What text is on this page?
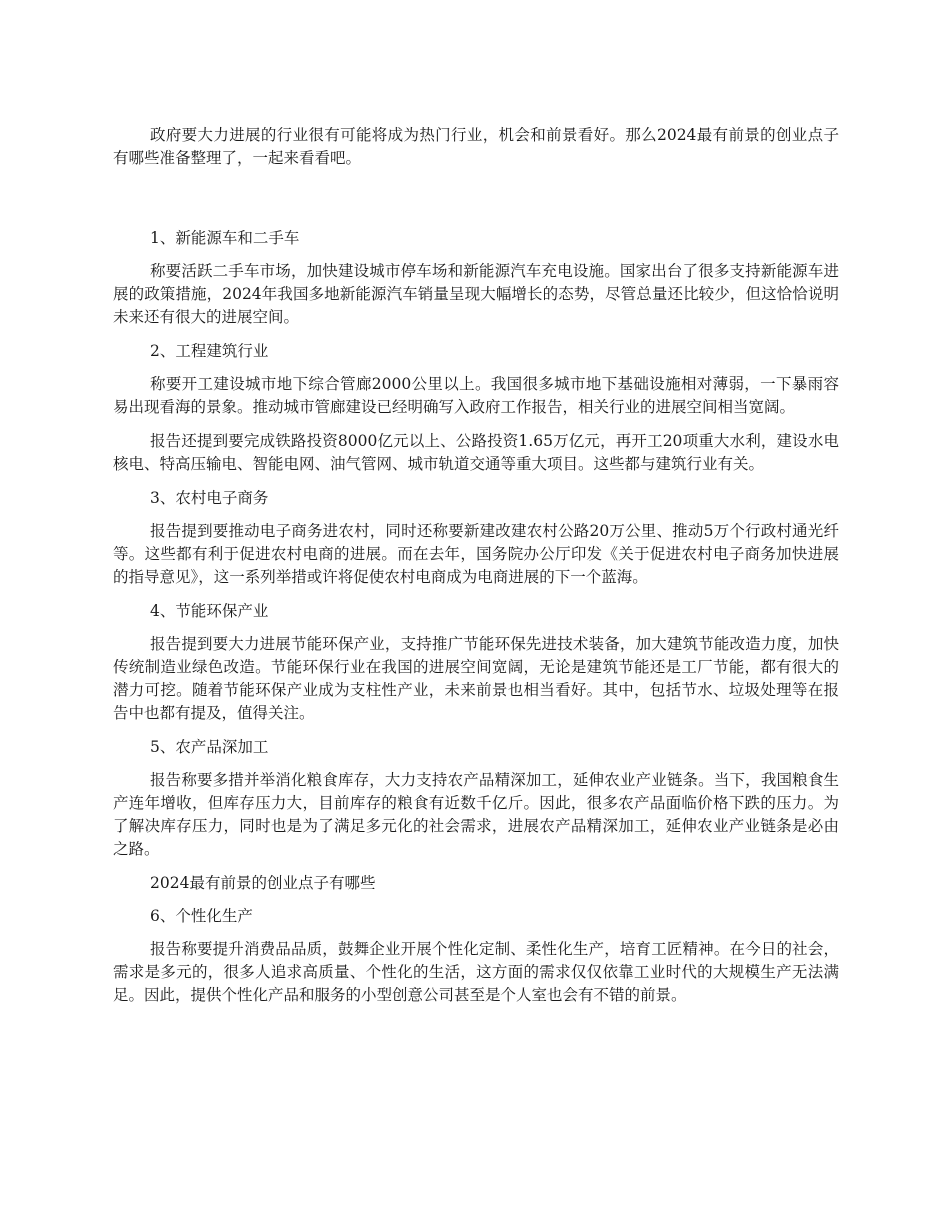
政府要大力进展的行业很有可能将成为热门行业，机会和前景看好。那么2024最有前景的创业点子有哪些准备整理了，一起来看看吧。

1、新能源车和二手车

称要活跃二手车市场，加快建设城市停车场和新能源汽车充电设施。国家出台了很多支持新能源车进展的政策措施，2024年我国多地新能源汽车销量呈现大幅增长的态势，尽管总量还比较少，但这恰恰说明未来还有很大的进展空间。

2、工程建筑行业

称要开工建设城市地下综合管廊2000公里以上。我国很多城市地下基础设施相对薄弱，一下暴雨容易出现看海的景象。推动城市管廊建设已经明确写入政府工作报告，相关行业的进展空间相当宽阔。

报告还提到要完成铁路投资8000亿元以上、公路投资1.65万亿元，再开工20项重大水利，建设水电核电、特高压输电、智能电网、油气管网、城市轨道交通等重大项目。这些都与建筑行业有关。

3、农村电子商务

报告提到要推动电子商务进农村，同时还称要新建改建农村公路20万公里、推动5万个行政村通光纤等。这些都有利于促进农村电商的进展。而在去年，国务院办公厅印发《关于促进农村电子商务加快进展的指导意见》，这一系列举措或许将促使农村电商成为电商进展的下一个蓝海。

4、节能环保产业

报告提到要大力进展节能环保产业，支持推广节能环保先进技术装备，加大建筑节能改造力度，加快传统制造业绿色改造。节能环保行业在我国的进展空间宽阔，无论是建筑节能还是工厂节能，都有很大的潜力可挖。随着节能环保产业成为支柱性产业，未来前景也相当看好。其中，包括节水、垃圾处理等在报告中也都有提及，值得关注。

5、农产品深加工

报告称要多措并举消化粮食库存，大力支持农产品精深加工，延伸农业产业链条。当下，我国粮食生产连年增收，但库存压力大，目前库存的粮食有近数千亿斤。因此，很多农产品面临价格下跌的压力。为了解决库存压力，同时也是为了满足多元化的社会需求，进展农产品精深加工，延伸农业产业链条是必由之路。

2024最有前景的创业点子有哪些

6、个性化生产

报告称要提升消费品品质，鼓舞企业开展个性化定制、柔性化生产，培育工匠精神。在今日的社会，需求是多元的，很多人追求高质量、个性化的生活，这方面的需求仅仅依靠工业时代的大规模生产无法满足。因此，提供个性化产品和服务的小型创意公司甚至是个人室也会有不错的前景。
